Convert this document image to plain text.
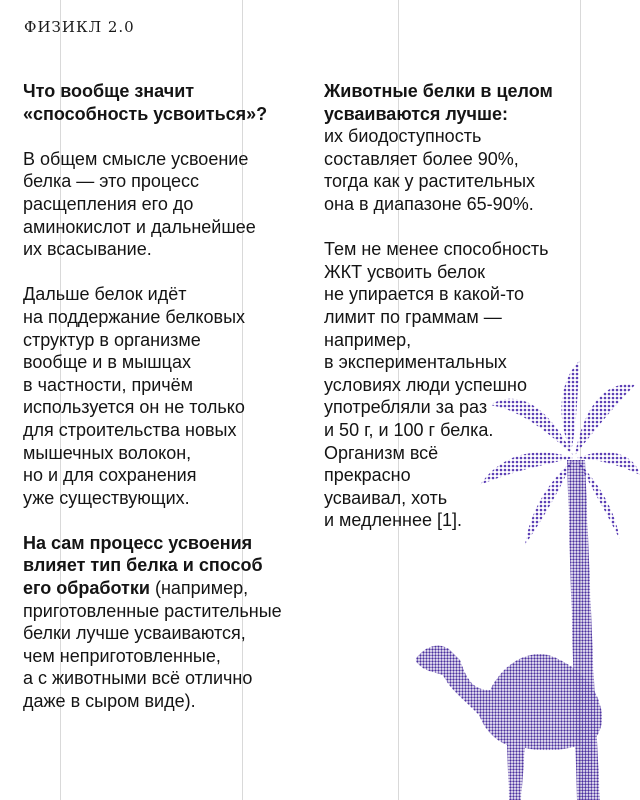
ФИЗИКЛ 2.0

Что вообще значит
«способность усвоиться»?

В общем смысле усвоение
белка — это процесс
расщепления его до
аминокислот и дальнейшее
их всасывание.

Дальше белок идёт
на поддержание белковых
структур в организме
вообще и в мышцах
в частности, причём
используется он не только
для строительства новых
мышечных волокон,
но и для сохранения
уже существующих.

На сам процесс усвоения
влияет тип белка и способ
его обработки (например,
приготовленные растительные
белки лучше усваиваются,
чем неприготовленные,
а с животными всё отлично
даже в сыром виде).

Животные белки в целом
усваиваются лучше:
их биодоступность
составляет более 90%,
тогда как у растительных
она в диапазоне 65-90%.

Тем не менее способность
ЖКТ усвоить белок
не упирается в какой-то
лимит по граммам —
например,
в экспериментальных
условиях люди успешно
употребляли за раз
и 50 г, и 100 г белка.
Организм всё
прекрасно
усваивал, хоть
и медленнее [1].
